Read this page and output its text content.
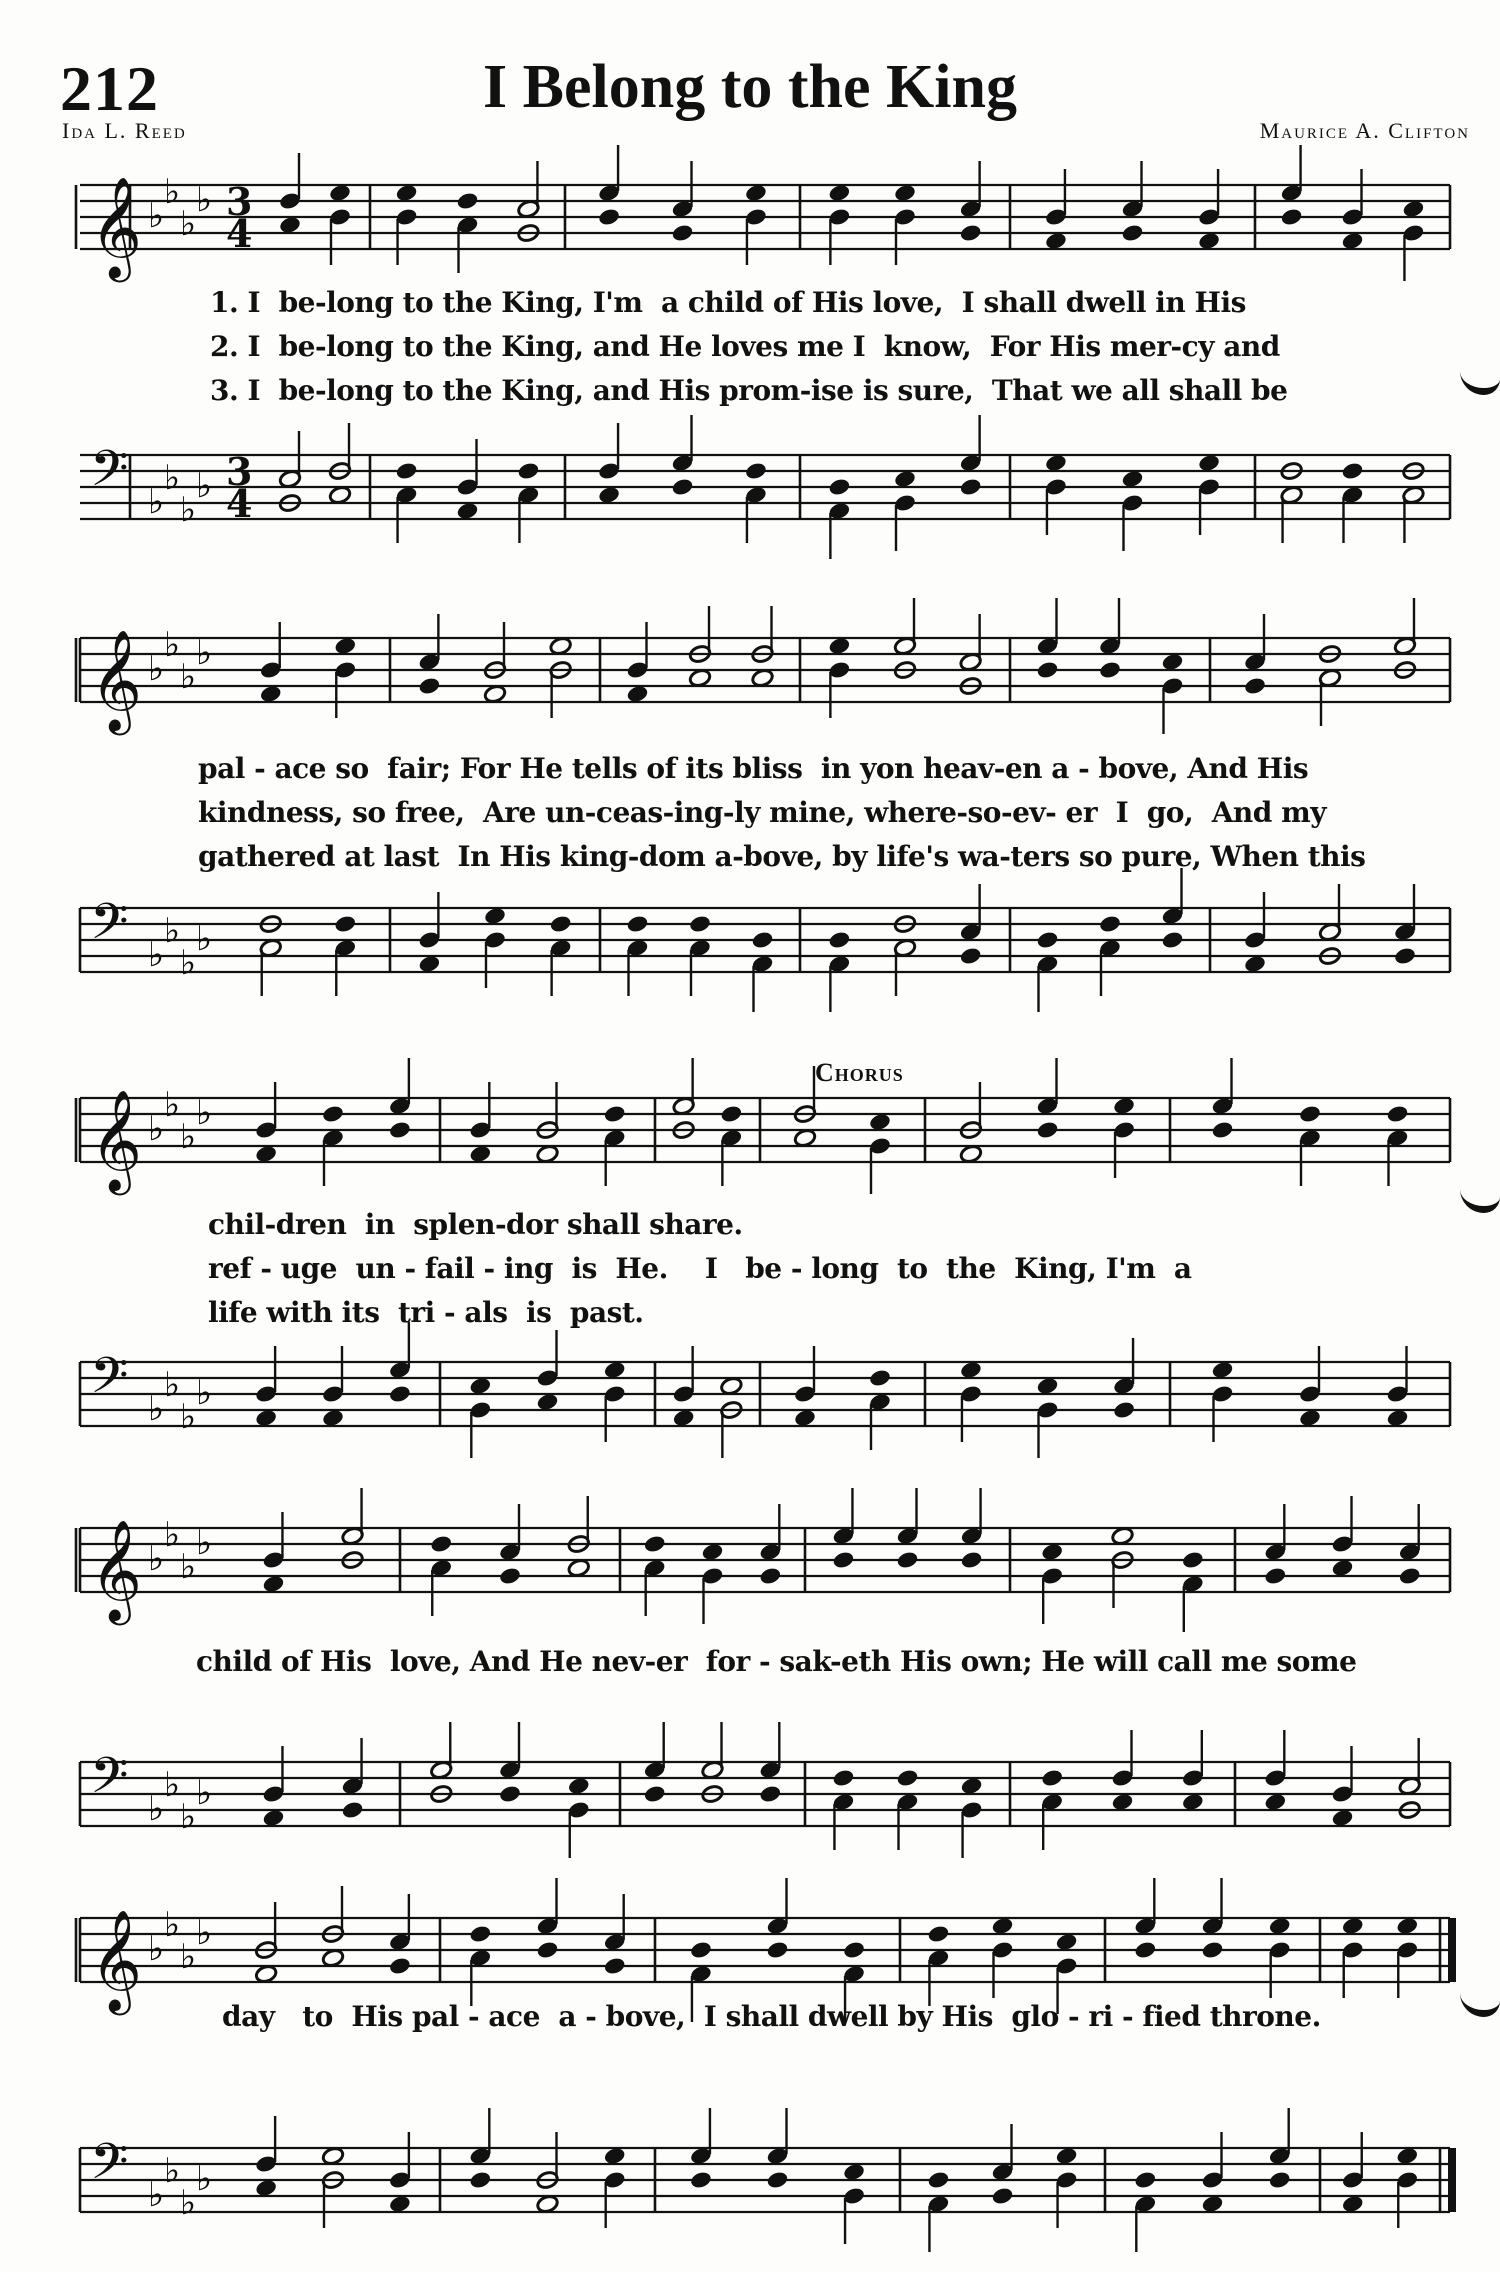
212	I Belong to the King
Ida L. Reed	Maurice A. Clifton
𝄞 ♭
♭
♭
♭ 3
4
𝄢 ♭
♭
♭
♭ 3
4
1. I  be-long to the King, I'm  a child of His love,  I shall dwell in His
2. I  be-long to the King, and He loves me I  know,  For His mer-cy and
3. I  be-long to the King, and His prom-ise is sure,  That we all shall be
𝄞 ♭
♭
♭
♭
𝄢 ♭
♭
♭
♭
pal - ace so  fair; For He tells of its bliss  in yon heav-en a - bove, And His
kindness, so free,  Are un-ceas-ing-ly mine, where-so-ev- er  I  go,  And my
gathered at last  In His king-dom a-bove, by life's wa-ters so pure, When this
Chorus
𝄞 ♭
♭
♭
♭
𝄢 ♭
♭
♭
♭
chil-dren  in  splen-dor shall share.
ref - uge  un - fail - ing  is  He.    I   be - long  to  the  King, I'm  a
life with its  tri - als  is  past.
𝄞 ♭
♭
♭
♭
𝄢 ♭
♭
♭
♭
child of His  love, And He nev-er  for - sak-eth His own; He will call me some
𝄞 ♭
♭
♭
♭
𝄢 ♭
♭
♭
♭
day   to  His pal - ace  a - bove,  I shall dwell by His  glo - ri - fied throne.
